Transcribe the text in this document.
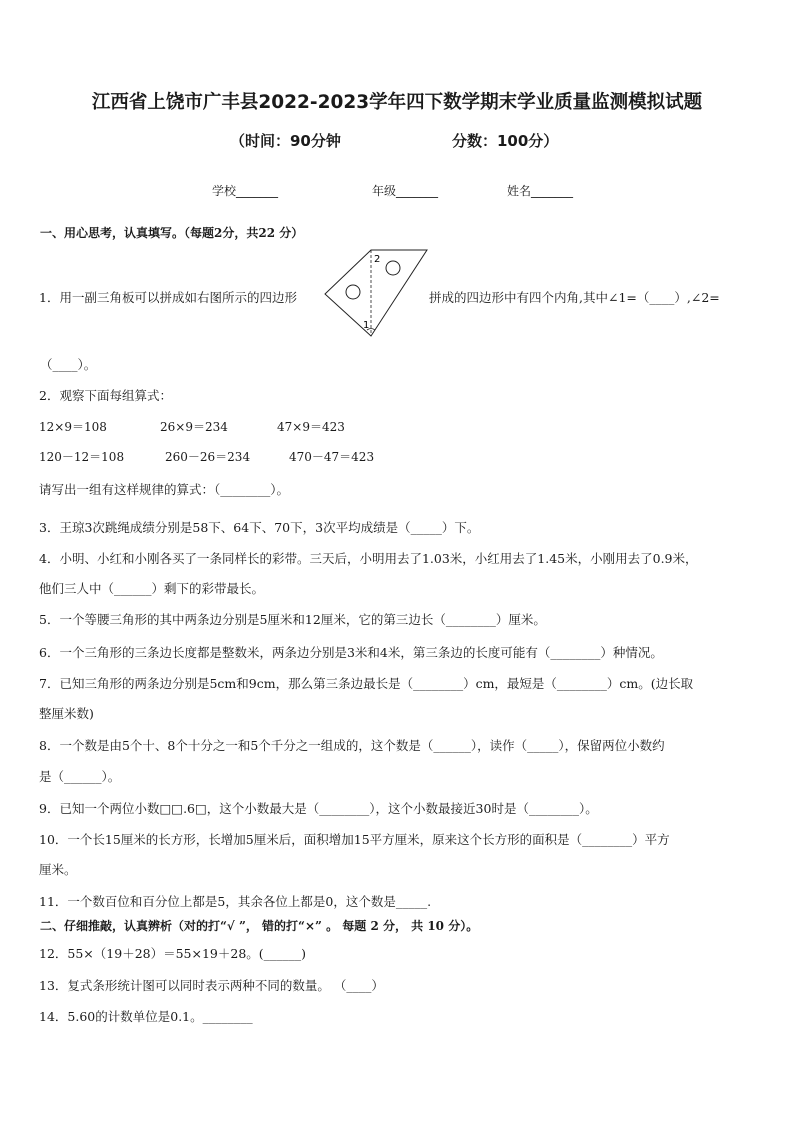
江西省上饶市广丰县2022-2023学年四下数学期末学业质量监测模拟试题
（时间：90分钟	分数：100分）
学校_______	年级_______	姓名_______
一、用心思考，认真填写。（每题2分，共22 分）
1．用一副三角板可以拼成如右图所示的四边形
2
1
拼成的四边形中有四个内角,其中∠1=（____）,∠2=
（____）。
2．观察下面每组算式：
12×9＝108	26×9＝234	47×9＝423
120－12＝108	260－26＝234	470－47＝423
请写出一组有这样规律的算式：（________）。
3．王琼3次跳绳成绩分别是58下、64下、70下，3次平均成绩是（_____）下。
4．小明、小红和小刚各买了一条同样长的彩带。三天后，小明用去了1.03米，小红用去了1.45米，小刚用去了0.9米，
他们三人中（______）剩下的彩带最长。
5．一个等腰三角形的其中两条边分别是5厘米和12厘米，它的第三边长（________）厘米。
6．一个三角形的三条边长度都是整数米，两条边分别是3米和4米，第三条边的长度可能有（________）种情况。
7．已知三角形的两条边分别是5cm和9cm，那么第三条边最长是（________）cm，最短是（________）cm。(边长取
整厘米数)
8．一个数是由5个十、8个十分之一和5个千分之一组成的，这个数是（______），读作（_____），保留两位小数约
是（______）。
9．已知一个两位小数□□.6□，这个小数最大是（________），这个小数最接近30时是（________）。
10．一个长15厘米的长方形，长增加5厘米后，面积增加15平方厘米，原来这个长方形的面积是（________）平方
厘米。
11．一个数百位和百分位上都是5，其余各位上都是0，这个数是_____.
二、仔细推敲，认真辨析（对的打“√ ”， 错的打“×” 。 每题 2 分， 共 10 分）。
12．55×（19＋28）＝55×19＋28。(______)
13．复式条形统计图可以同时表示两种不同的数量。 （____）
14．5.60的计数单位是0.1。________
